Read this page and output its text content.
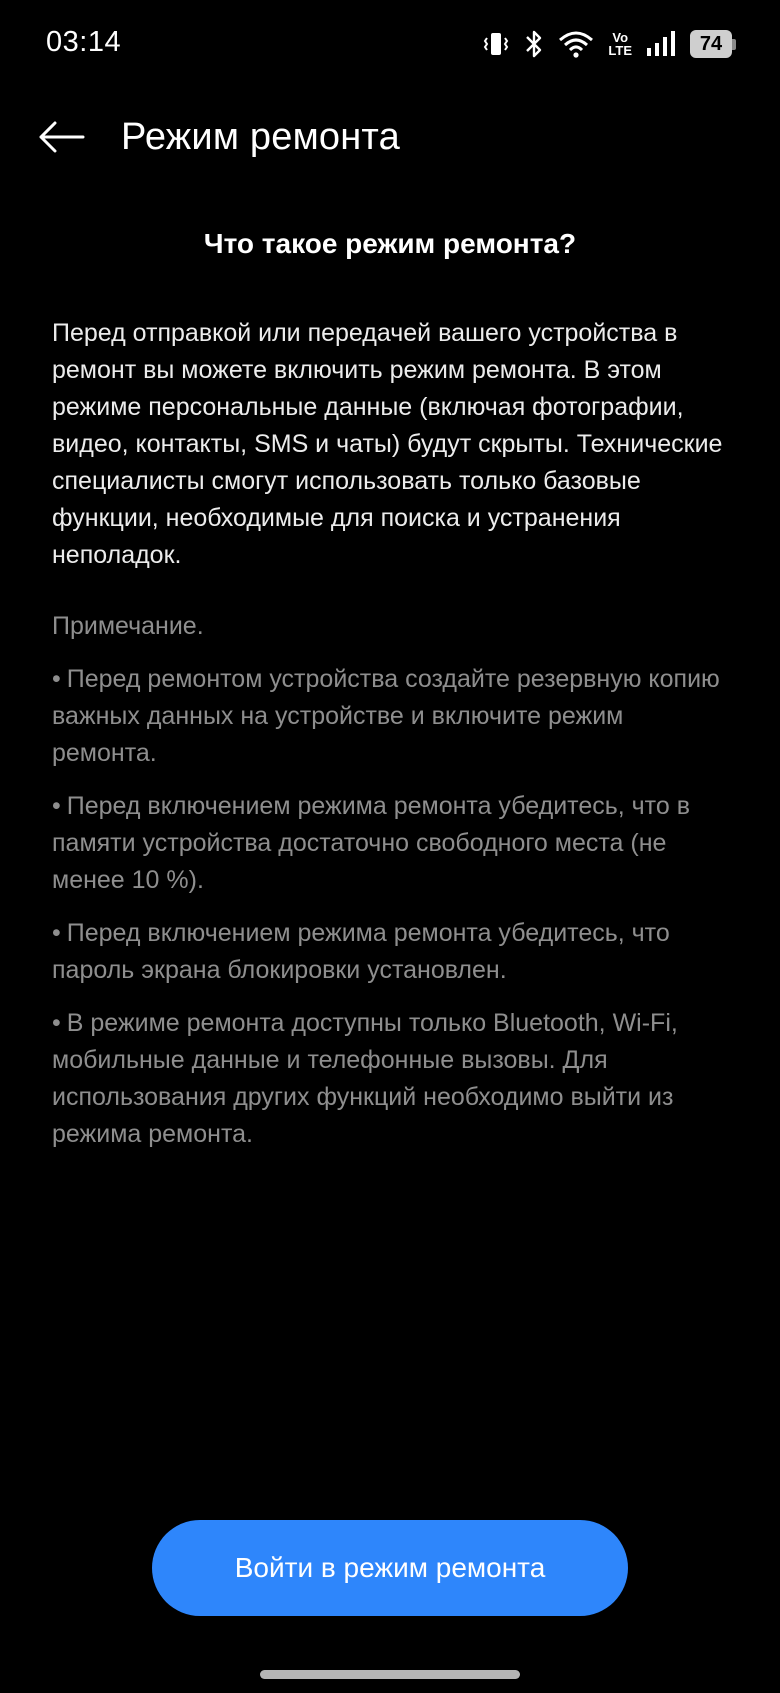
03:14	Vo
LTE	74
Режим ремонта
Что такое режим ремонта?

Перед отправкой или передачей вашего устройства в ремонт вы можете включить режим ремонта. В этом режиме персональные данные (включая фотографии, видео, контакты, SMS и чаты) будут скрыты. Технические специалисты смогут использовать только базовые функции, необходимые для поиска и устранения неполадок.

Примечание.
• Перед ремонтом устройства создайте резервную копию важных данных на устройстве и включите режим ремонта.
• Перед включением режима ремонта убедитесь, что в памяти устройства достаточно свободного места (не менее 10 %).
• Перед включением режима ремонта убедитесь, что пароль экрана блокировки установлен.
• В режиме ремонта доступны только Bluetooth, Wi-Fi, мобильные данные и телефонные вызовы. Для использования других функций необходимо выйти из режима ремонта.
Войти в режим ремонта
